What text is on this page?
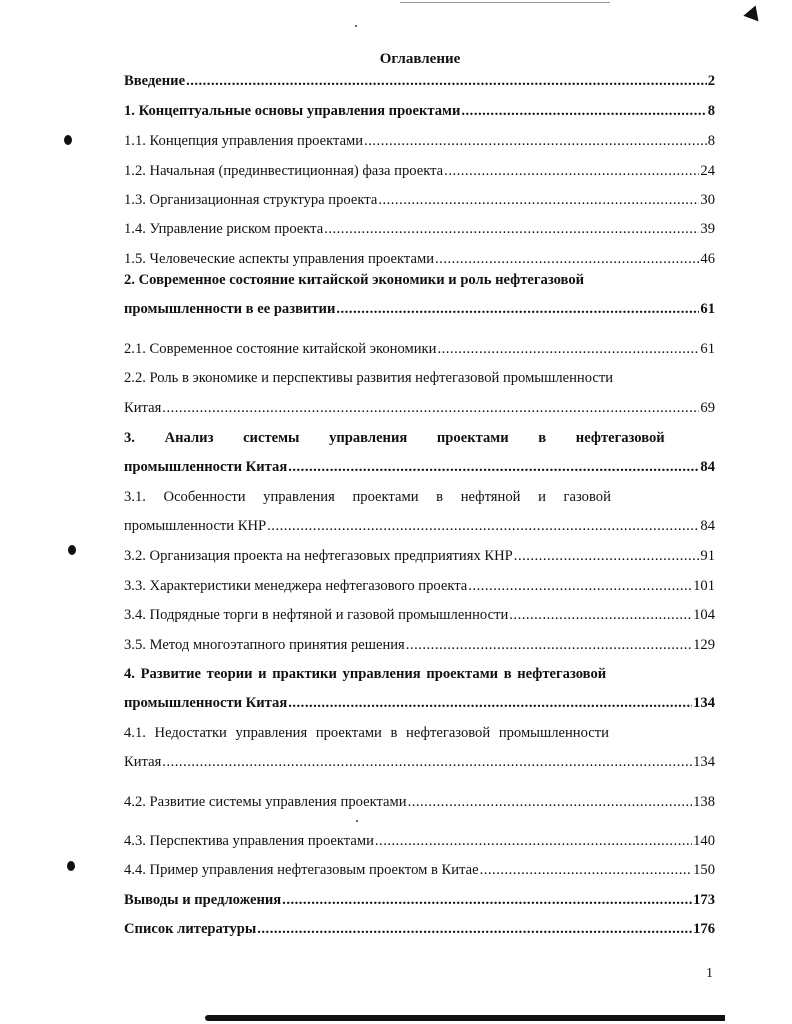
Оглавление
Введение .....	2
1. Концептуальные основы управления проектами .....	8
1.1. Концепция управления проектами .....	8
1.2. Начальная (прединвестиционная) фаза проекта .....	24
1.3. Организационная структура проекта .....	30
1.4. Управление риском проекта .....	39
1.5. Человеческие аспекты управления проектами .....	46
2. Современное состояние китайской экономики и роль нефтегазовой
промышленности в ее развитии .....	61
2.1. Современное состояние китайской экономики .....	61
2.2. Роль в экономике и перспективы развития нефтегазовой промышленности
Китая .....	69
3. Анализ системы управления проектами в нефтегазовой
промышленности Китая .....	84
3.1. Особенности управления проектами в нефтяной и газовой
промышленности КНР .....	84
3.2. Организация проекта на нефтегазовых предприятиях КНР .....	91
3.3. Характеристики менеджера нефтегазового проекта .....	101
3.4. Подрядные торги в нефтяной и газовой промышленности .....	104
3.5. Метод многоэтапного принятия решения .....	129
4. Развитие теории и практики управления проектами в нефтегазовой
промышленности Китая .....	134
4.1. Недостатки управления проектами в нефтегазовой промышленности
Китая .....	134
4.2. Развитие системы управления проектами .....	138
4.3. Перспектива управления проектами .....	140
4.4. Пример управления нефтегазовым проектом в Китае .....	150
Выводы и предложения .....	173
Список литературы .....	176
1
